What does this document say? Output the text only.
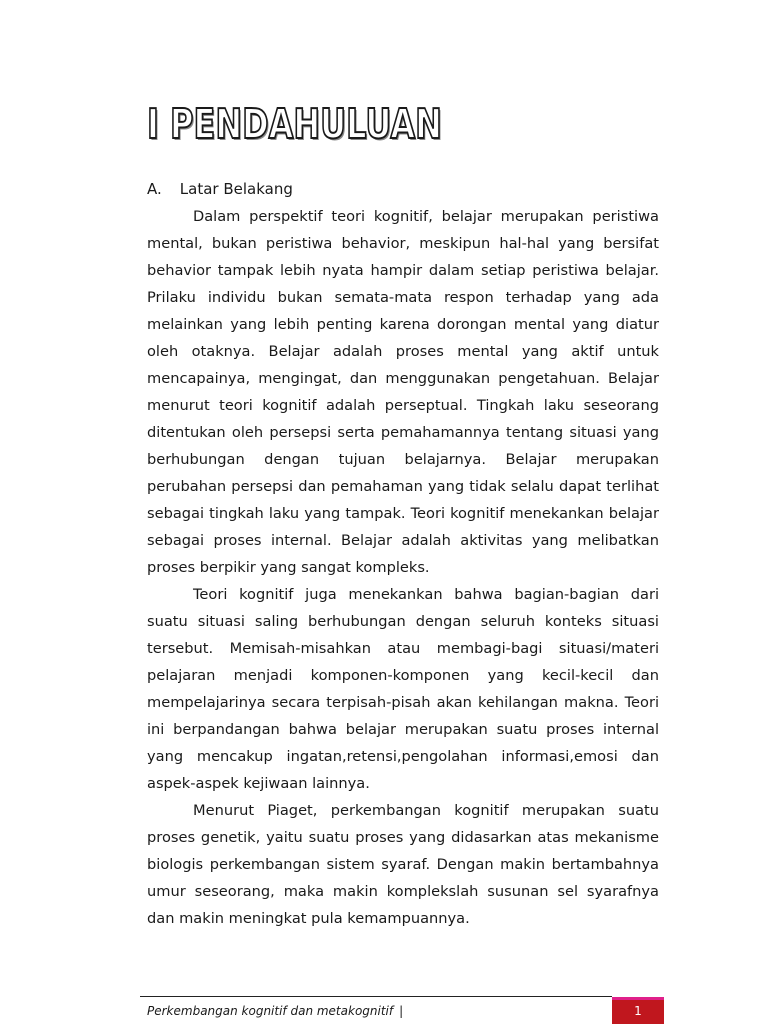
I PENDAHULUAN
A. Latar Belakang

Dalam perspektif teori kognitif, belajar merupakan peristiwa mental, bukan peristiwa behavior, meskipun hal-hal yang bersifat behavior tampak lebih nyata hampir dalam setiap peristiwa belajar. Prilaku individu bukan semata-mata respon terhadap yang ada melainkan yang lebih penting karena dorongan mental yang diatur oleh otaknya. Belajar adalah proses mental yang aktif untuk mencapainya, mengingat, dan menggunakan pengetahuan. Belajar menurut teori kognitif adalah perseptual. Tingkah laku seseorang ditentukan oleh persepsi serta pemahamannya tentang situasi yang berhubungan dengan tujuan belajarnya. Belajar merupakan perubahan persepsi dan pemahaman yang tidak selalu dapat terlihat sebagai tingkah laku yang tampak. Teori kognitif menekankan belajar sebagai proses internal. Belajar adalah aktivitas yang melibatkan proses berpikir yang sangat kompleks.

Teori kognitif juga menekankan bahwa bagian-bagian dari suatu situasi saling berhubungan dengan seluruh konteks situasi tersebut. Memisah-misahkan atau membagi-bagi situasi/materi pelajaran menjadi komponen-komponen yang kecil-kecil dan mempelajarinya secara terpisah-pisah akan kehilangan makna. Teori ini berpandangan bahwa belajar merupakan suatu proses internal yang mencakup ingatan,retensi,pengolahan informasi,emosi dan aspek-aspek kejiwaan lainnya.

Menurut Piaget, perkembangan kognitif merupakan suatu proses genetik, yaitu suatu proses yang didasarkan atas mekanisme biologis perkembangan sistem syaraf. Dengan makin bertambahnya umur seseorang, maka makin komplekslah susunan sel syarafnya dan makin meningkat pula kemampuannya.

Perkembangan kognitif dan metakognitif |	1
